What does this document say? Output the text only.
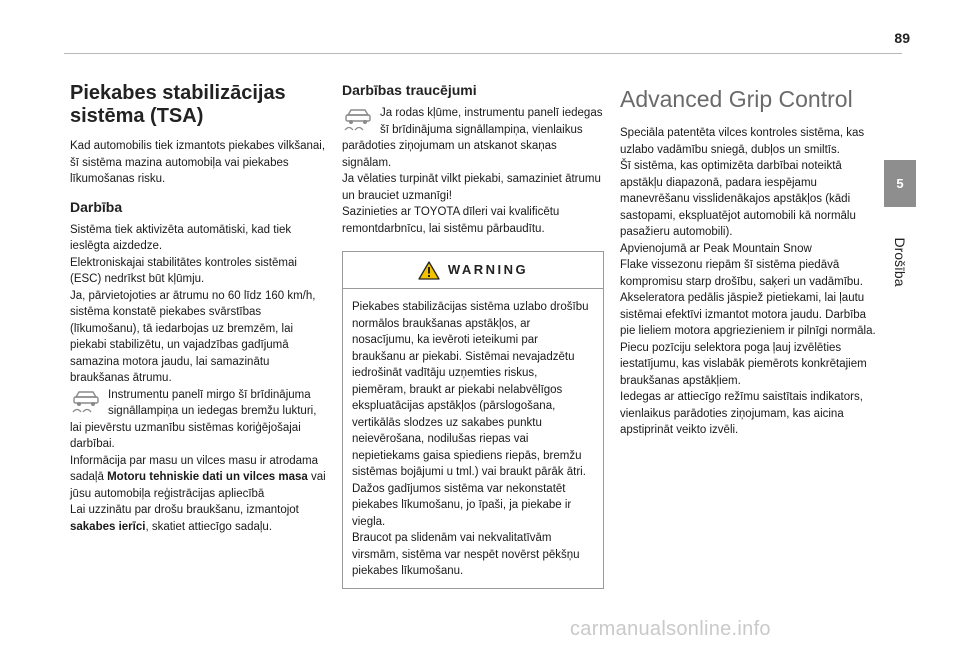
89
5
Drošība
Piekabes stabilizācijas sistēma (TSA)

Kad automobilis tiek izmantots piekabes vilkšanai, šī sistēma mazina automobiļa vai piekabes līkumošanas risku.

Darbība

Sistēma tiek aktivizēta automātiski, kad tiek ieslēgta aizdedze.

Elektroniskajai stabilitātes kontroles sistēmai (ESC) nedrīkst būt kļūmju.

Ja, pārvietojoties ar ātrumu no 60 līdz 160 km/h, sistēma konstatē piekabes svārstības (līkumošanu), tā iedarbojas uz bremzēm, lai piekabi stabilizētu, un vajadzības gadījumā samazina motora jaudu, lai samazinātu braukšanas ātrumu.

Instrumentu panelī mirgo šī brīdinājuma signāllampiņa un iedegas bremžu lukturi, lai pievērstu uzmanību sistēmas koriģējošajai darbībai.

Informācija par masu un vilces masu ir atrodama sadaļā Motoru tehniskie dati un vilces masa vai jūsu automobiļa reģistrācijas apliecībā

Lai uzzinātu par drošu braukšanu, izmantojot sakabes ierīci, skatiet attiecīgo sadaļu.

Darbības traucējumi

Ja rodas kļūme, instrumentu panelī iedegas šī brīdinājuma signāllampiņa, vienlaikus parādoties ziņojumam un atskanot skaņas signālam.

Ja vēlaties turpināt vilkt piekabi, samaziniet ātrumu un brauciet uzmanīgi!

Sazinieties ar TOYOTA dīleri vai kvalificētu remontdarbnīcu, lai sistēmu pārbaudītu.

WARNING

Piekabes stabilizācijas sistēma uzlabo drošību normālos braukšanas apstākļos, ar nosacījumu, ka ievēroti ieteikumi par braukšanu ar piekabi. Sistēmai nevajadzētu iedrošināt vadītāju uzņemties riskus, piemēram, braukt ar piekabi nelabvēlīgos ekspluatācijas apstākļos (pārslogošana, vertikālās slodzes uz sakabes punktu neievērošana, nodilušas riepas vai nepietiekams gaisa spiediens riepās, bremžu sistēmas bojājumi u tml.) vai braukt pārāk ātri.

Dažos gadījumos sistēma var nekonstatēt piekabes līkumošanu, jo īpaši, ja piekabe ir viegla.

Braucot pa slidenām vai nekvalitatīvām virsmām, sistēma var nespēt novērst pēkšņu piekabes līkumošanu.

Advanced Grip Control

Speciāla patentēta vilces kontroles sistēma, kas uzlabo vadāmību sniegā, dubļos un smiltīs.

Šī sistēma, kas optimizēta darbībai noteiktā apstākļu diapazonā, padara iespējamu manevrēšanu visslidenākajos apstākļos (kādi sastopami, ekspluatējot automobili kā normālu pasažieru automobili).

Apvienojumā ar Peak Mountain Snow

Flake vissezonu riepām šī sistēma piedāvā kompromisu starp drošību, saķeri un vadāmību.

Akseleratora pedālis jāspiež pietiekami, lai ļautu sistēmai efektīvi izmantot motora jaudu. Darbība pie lieliem motora apgriezieniem ir pilnīgi normāla.

Piecu pozīciju selektora poga ļauj izvēlēties iestatījumu, kas vislabāk piemērots konkrētajiem braukšanas apstākļiem.

Iedegas ar attiecīgo režīmu saistītais indikators, vienlaikus parādoties ziņojumam, kas aicina apstiprināt veikto izvēli.

carmanualsonline.info
